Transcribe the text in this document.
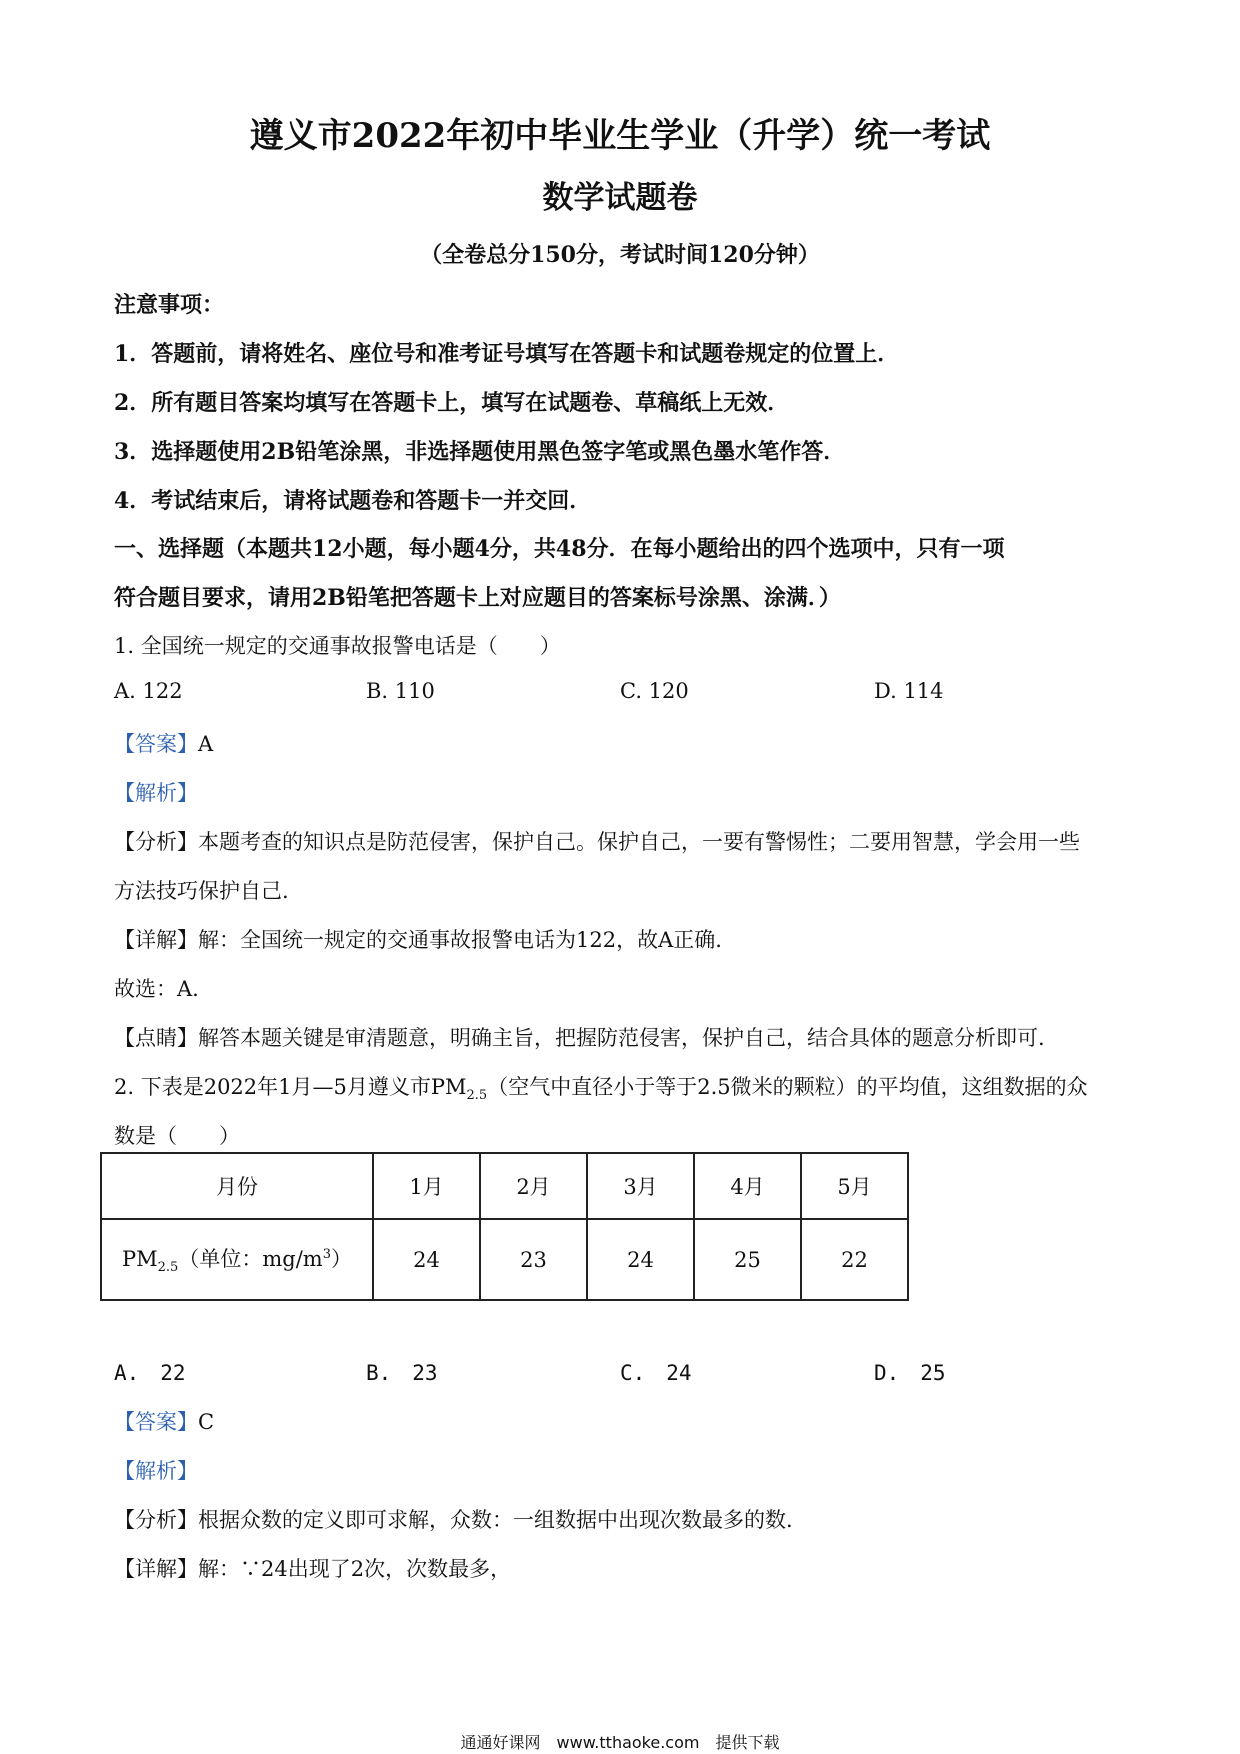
遵义市2022年初中毕业生学业（升学）统一考试
数学试题卷
（全卷总分150分，考试时间120分钟）
注意事项：
1．答题前，请将姓名、座位号和准考证号填写在答题卡和试题卷规定的位置上．
2．所有题目答案均填写在答题卡上，填写在试题卷、草稿纸上无效．
3．选择题使用2B铅笔涂黑，非选择题使用黑色签字笔或黑色墨水笔作答．
4．考试结束后，请将试题卷和答题卡一并交回．
一、选择题（本题共12小题，每小题4分，共48分．在每小题给出的四个选项中，只有一项
符合题目要求，请用2B铅笔把答题卡上对应题目的答案标号涂黑、涂满．）
1. 全国统一规定的交通事故报警电话是（　　）
A. 122	B. 110	C. 120	D. 114
【答案】A
【解析】
【分析】本题考查的知识点是防范侵害，保护自己。保护自己，一要有警惕性；二要用智慧，学会用一些
方法技巧保护自己.
【详解】解：全国统一规定的交通事故报警电话为122，故A正确.
故选：A.
【点睛】解答本题关键是审清题意，明确主旨，把握防范侵害，保护自己，结合具体的题意分析即可.
2. 下表是2022年1月—5月遵义市$PM_{2.5}$（空气中直径小于等于2.5微米的颗粒）的平均值，这组数据的众
数是（　　）
月份	1月	2月	3月	4月	5月
$PM_{2.5}$（单位：$mg/m^3$）	24	23	24	25	22
A.　22	B.　23	C.　24	D.　25
【答案】C
【解析】
【分析】根据众数的定义即可求解，众数：一组数据中出现次数最多的数.
【详解】解：∵24出现了2次，次数最多，
通通好课网　www.tthaoke.com　提供下载
